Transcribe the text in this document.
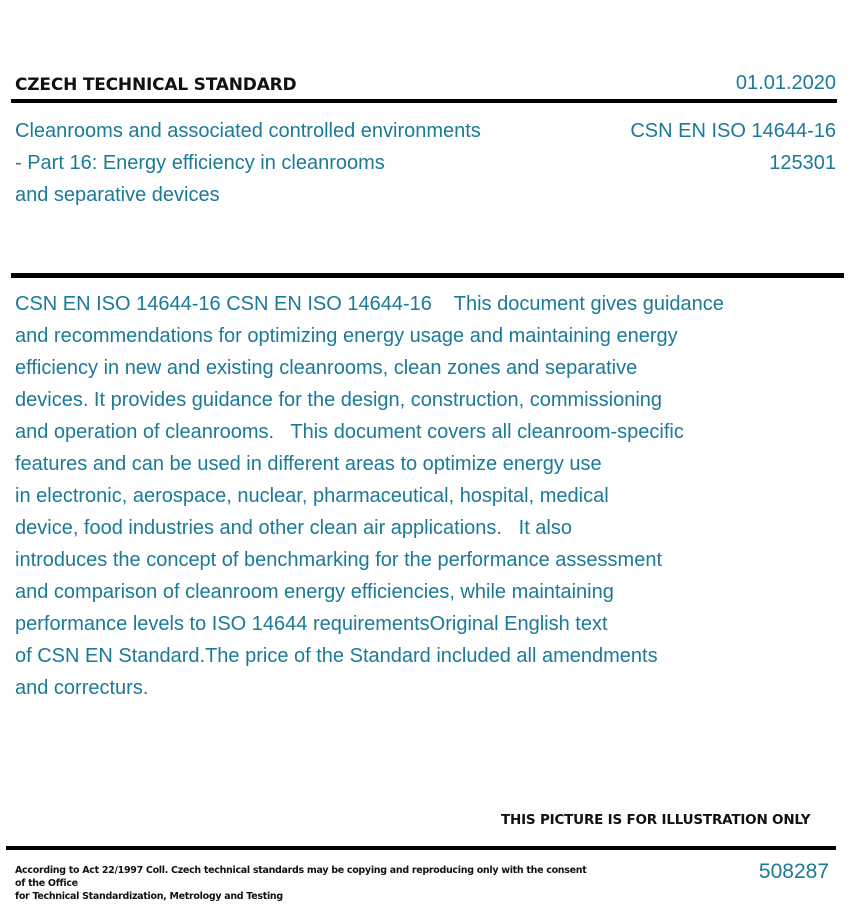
CZECH TECHNICAL STANDARD	01.01.2020
Cleanrooms and associated controlled environments
- Part 16: Energy efficiency in cleanrooms
and separative devices
CSN EN ISO 14644-16
125301
CSN EN ISO 14644-16 CSN EN ISO 14644-16    This document gives guidance
and recommendations for optimizing energy usage and maintaining energy
efficiency in new and existing cleanrooms, clean zones and separative
devices. It provides guidance for the design, construction, commissioning
and operation of cleanrooms.   This document covers all cleanroom-specific
features and can be used in different areas to optimize energy use
in electronic, aerospace, nuclear, pharmaceutical, hospital, medical
device, food industries and other clean air applications.   It also
introduces the concept of benchmarking for the performance assessment
and comparison of cleanroom energy efficiencies, while maintaining
performance levels to ISO 14644 requirementsOriginal English text
of CSN EN Standard.The price of the Standard included all amendments
and correcturs.
THIS PICTURE IS FOR ILLUSTRATION ONLY
According to Act 22/1997 Coll. Czech technical standards may be copying and reproducing only with the consent of the Office
for Technical Standardization, Metrology and Testing
508287
